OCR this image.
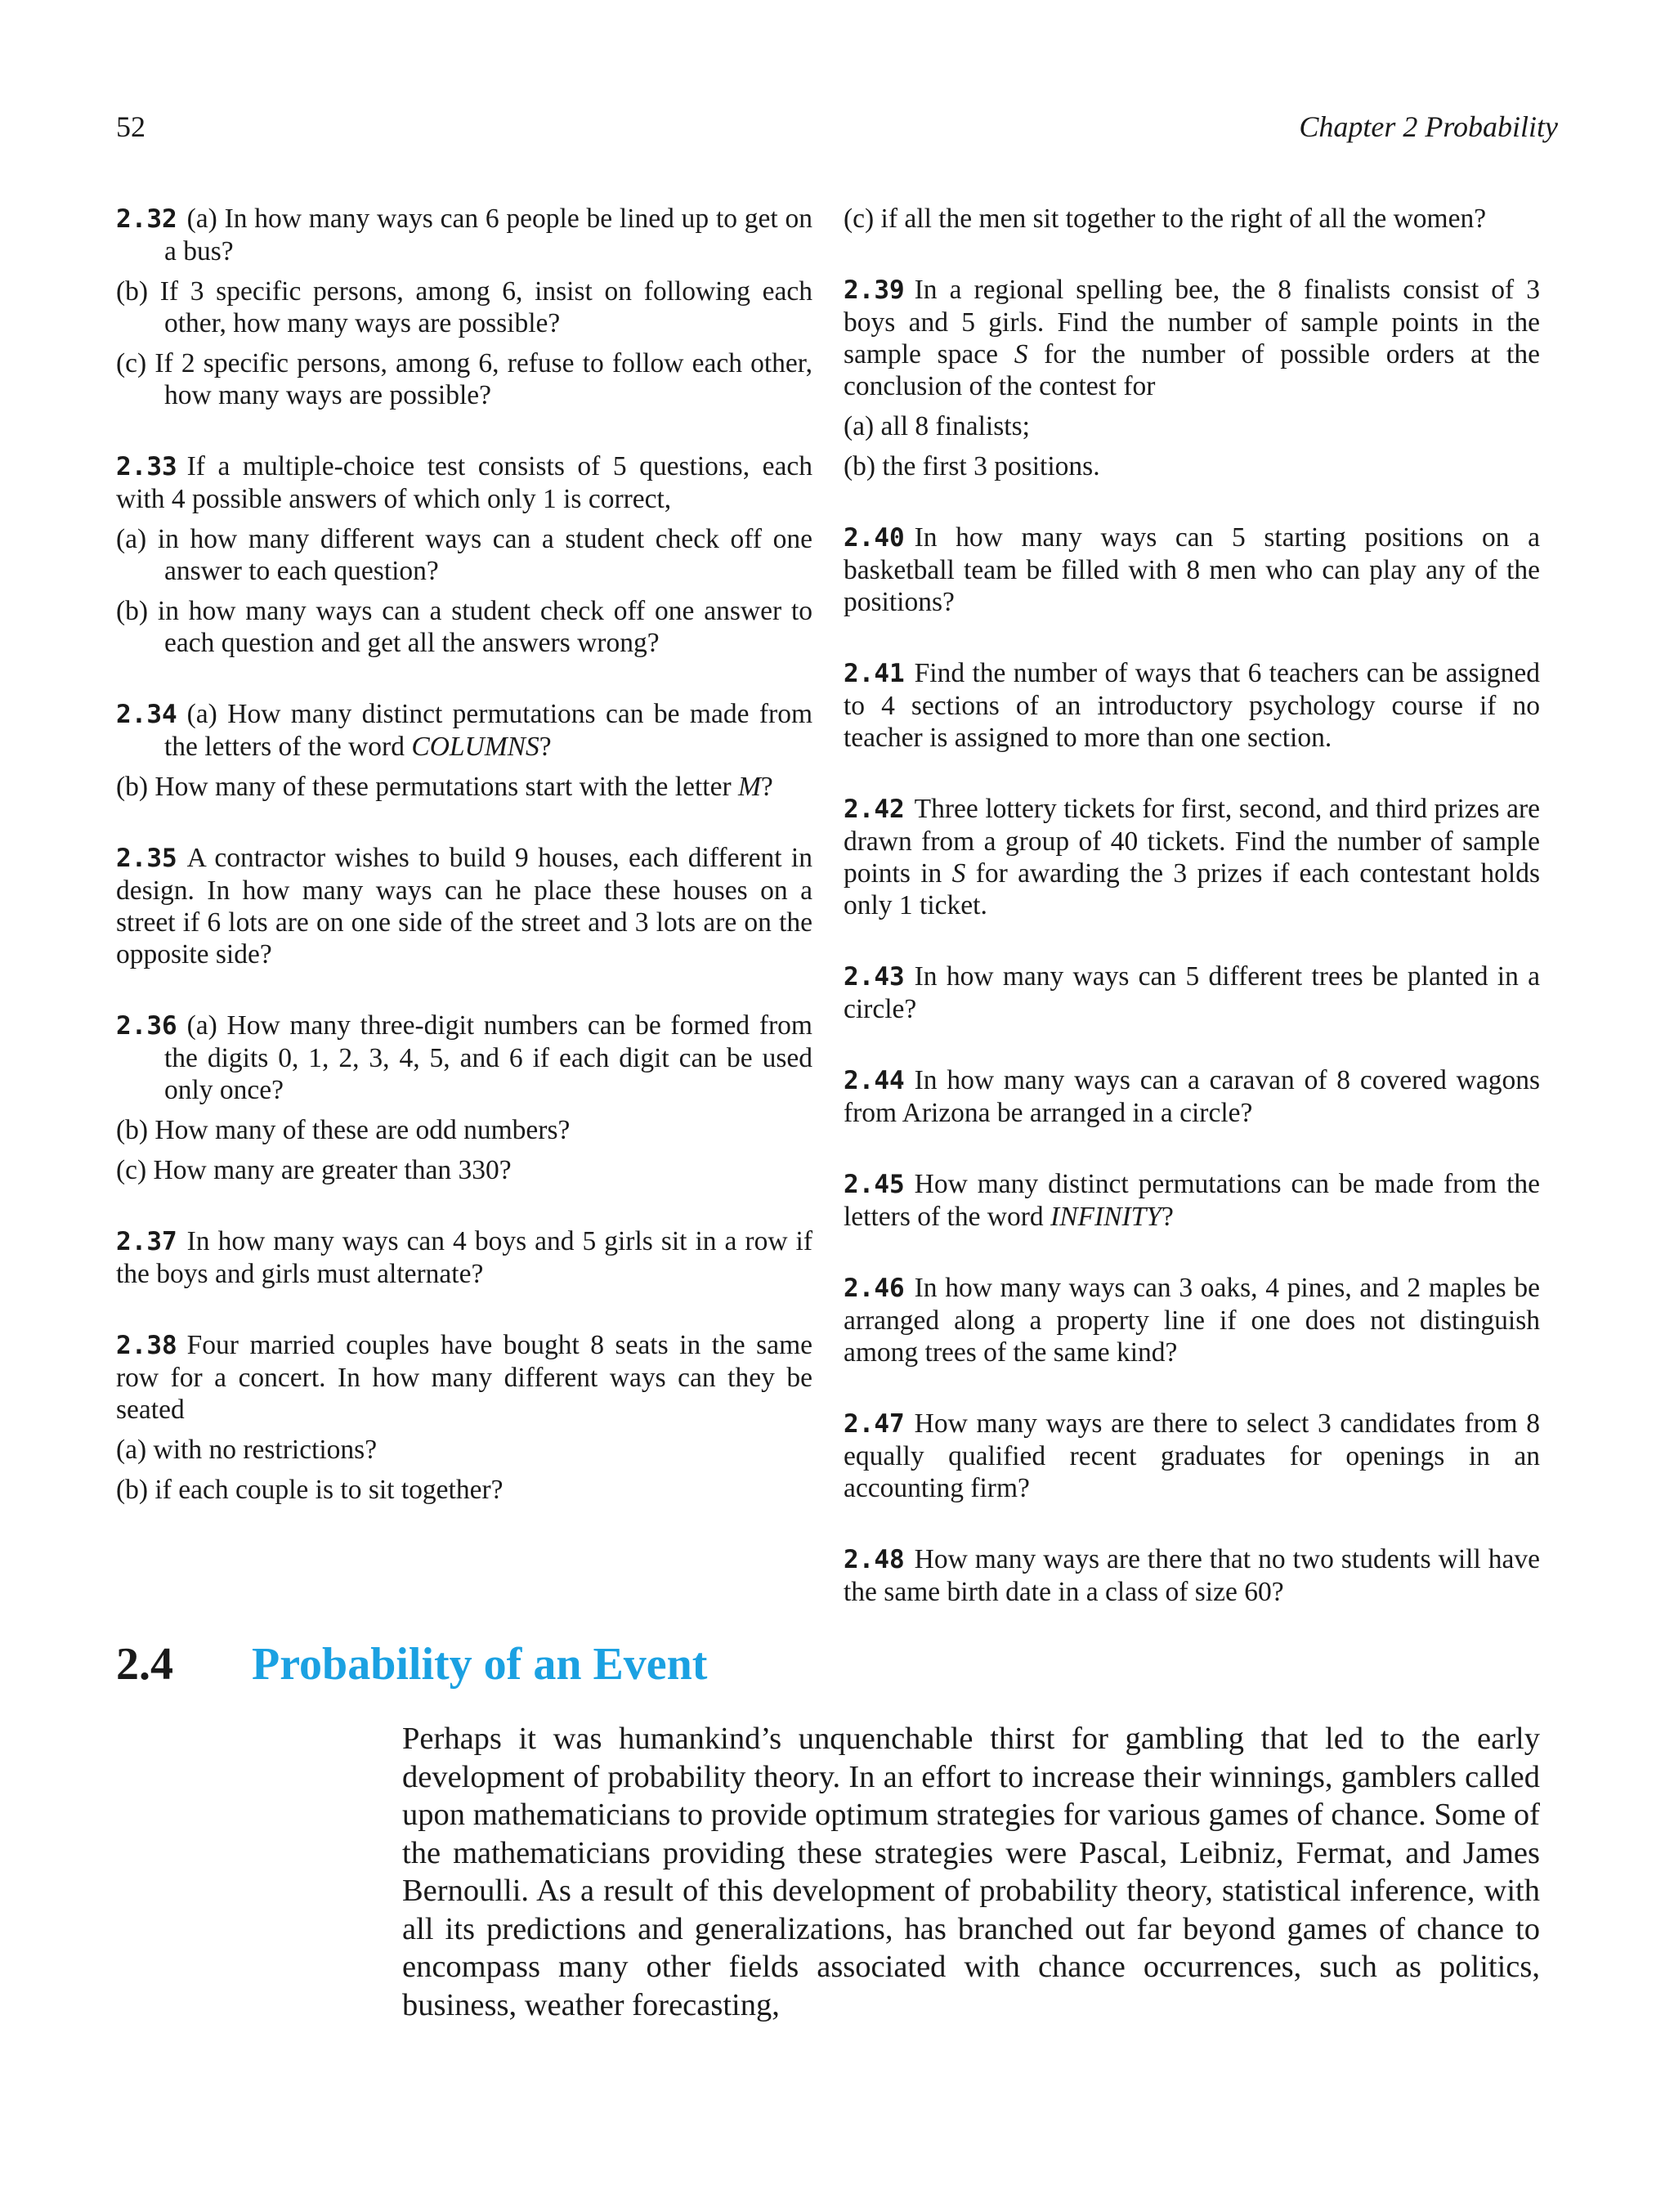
52	Chapter 2 Probability

2.32 (a) In how many ways can 6 people be lined up to get on a bus?

(b) If 3 specific persons, among 6, insist on following each other, how many ways are possible?

(c) If 2 specific persons, among 6, refuse to follow each other, how many ways are possible?

2.33 If a multiple-choice test consists of 5 questions, each with 4 possible answers of which only 1 is correct,

(a) in how many different ways can a student check off one answer to each question?

(b) in how many ways can a student check off one answer to each question and get all the answers wrong?

2.34 (a) How many distinct permutations can be made from the letters of the word COLUMNS?

(b) How many of these permutations start with the letter M?

2.35 A contractor wishes to build 9 houses, each different in design. In how many ways can he place these houses on a street if 6 lots are on one side of the street and 3 lots are on the opposite side?

2.36 (a) How many three-digit numbers can be formed from the digits 0, 1, 2, 3, 4, 5, and 6 if each digit can be used only once?

(b) How many of these are odd numbers?

(c) How many are greater than 330?

2.37 In how many ways can 4 boys and 5 girls sit in a row if the boys and girls must alternate?

2.38 Four married couples have bought 8 seats in the same row for a concert. In how many different ways can they be seated

(a) with no restrictions?

(b) if each couple is to sit together?

(c) if all the men sit together to the right of all the women?

2.39 In a regional spelling bee, the 8 finalists consist of 3 boys and 5 girls. Find the number of sample points in the sample space S for the number of possible orders at the conclusion of the contest for

(a) all 8 finalists;

(b) the first 3 positions.

2.40 In how many ways can 5 starting positions on a basketball team be filled with 8 men who can play any of the positions?

2.41 Find the number of ways that 6 teachers can be assigned to 4 sections of an introductory psychology course if no teacher is assigned to more than one section.

2.42 Three lottery tickets for first, second, and third prizes are drawn from a group of 40 tickets. Find the number of sample points in S for awarding the 3 prizes if each contestant holds only 1 ticket.

2.43 In how many ways can 5 different trees be planted in a circle?

2.44 In how many ways can a caravan of 8 covered wagons from Arizona be arranged in a circle?

2.45 How many distinct permutations can be made from the letters of the word INFINITY?

2.46 In how many ways can 3 oaks, 4 pines, and 2 maples be arranged along a property line if one does not distinguish among trees of the same kind?

2.47 How many ways are there to select 3 candidates from 8 equally qualified recent graduates for openings in an accounting firm?

2.48 How many ways are there that no two students will have the same birth date in a class of size 60?

2.4	Probability of an Event

Perhaps it was humankind’s unquenchable thirst for gambling that led to the early development of probability theory. In an effort to increase their winnings, gamblers called upon mathematicians to provide optimum strategies for various games of chance. Some of the mathematicians providing these strategies were Pascal, Leibniz, Fermat, and James Bernoulli. As a result of this development of probability theory, statistical inference, with all its predictions and generalizations, has branched out far beyond games of chance to encompass many other fields associated with chance occurrences, such as politics, business, weather forecasting,
